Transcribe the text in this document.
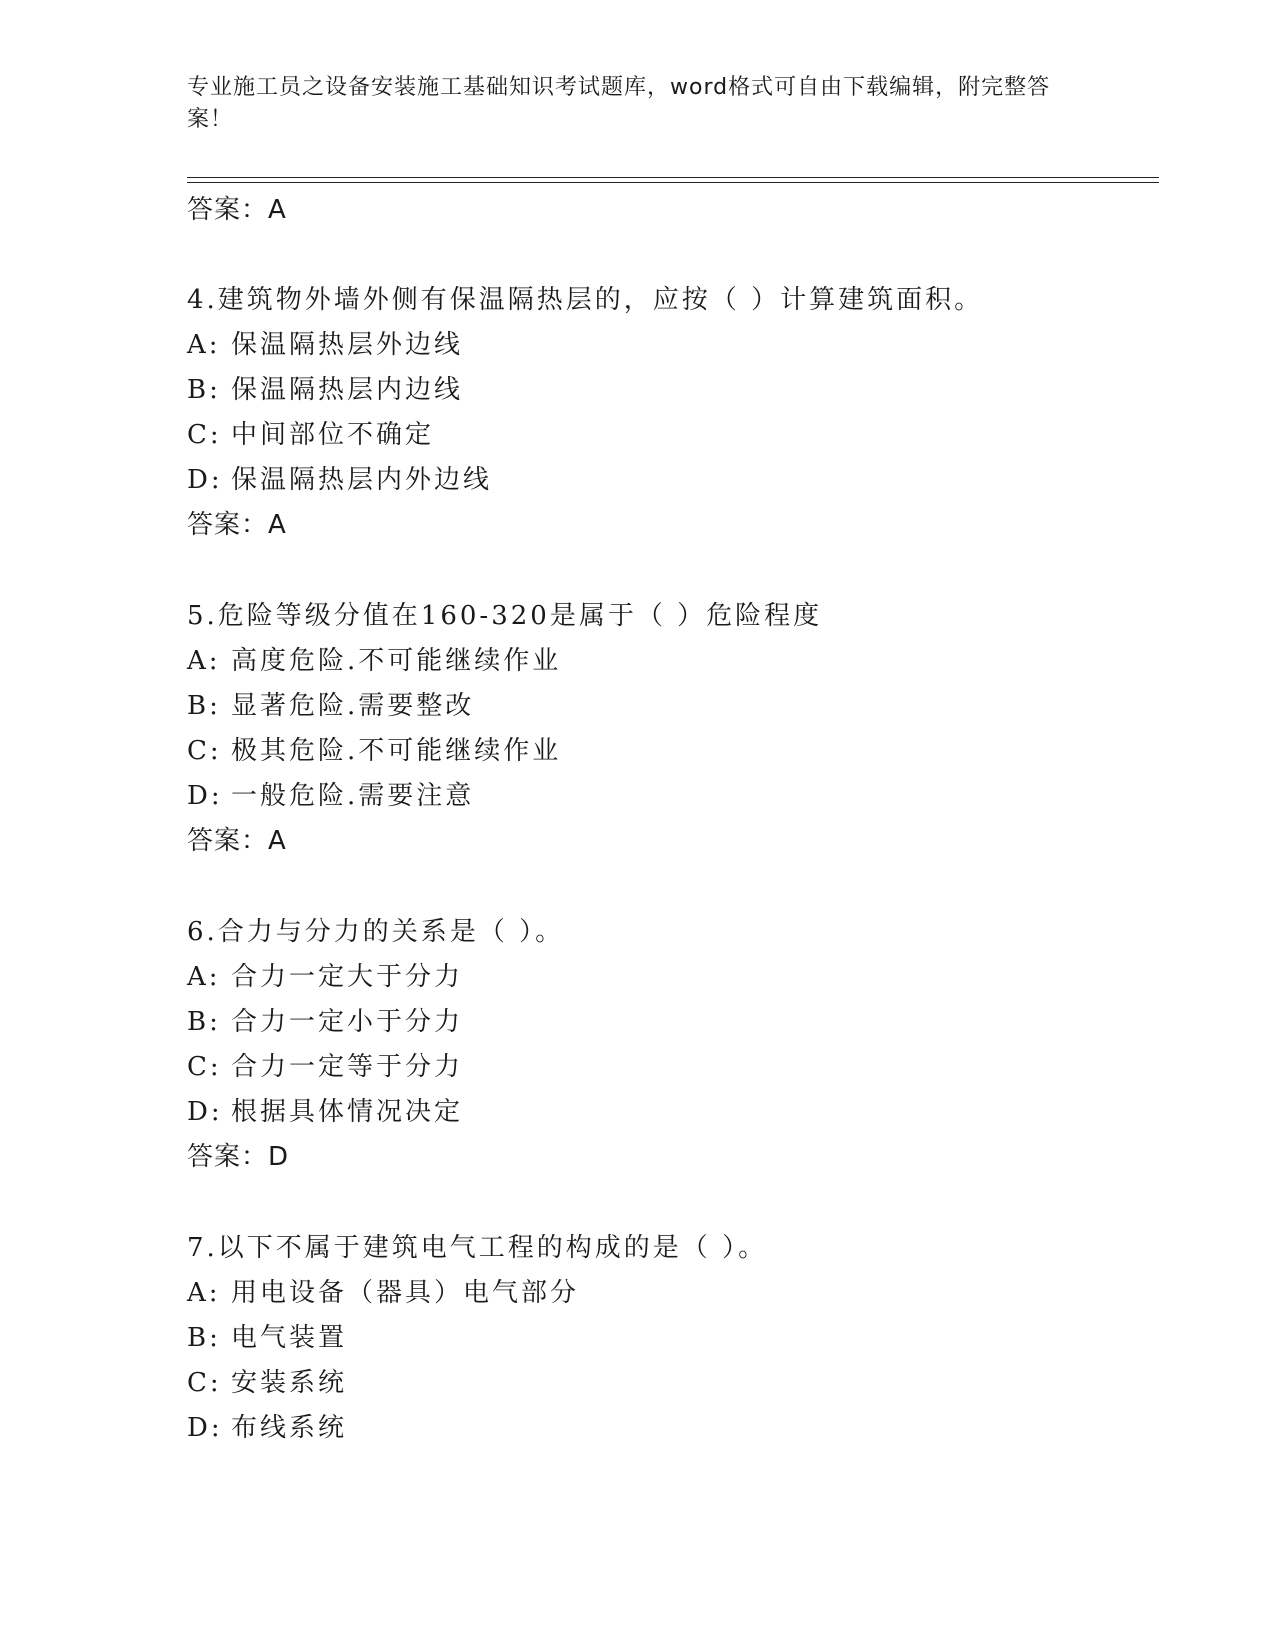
专业施工员之设备安装施工基础知识考试题库，word格式可自由下载编辑，附完整答案！
答案：A
4.建筑物外墙外侧有保温隔热层的，应按（ ）计算建筑面积。
A: 保温隔热层外边线
B: 保温隔热层内边线
C: 中间部位不确定
D: 保温隔热层内外边线
答案：A
5.危险等级分值在160-320是属于（ ）危险程度
A: 高度危险.不可能继续作业
B: 显著危险.需要整改
C: 极其危险.不可能继续作业
D: 一般危险.需要注意
答案：A
6.合力与分力的关系是（ ）。
A: 合力一定大于分力
B: 合力一定小于分力
C: 合力一定等于分力
D: 根据具体情况决定
答案：D
7.以下不属于建筑电气工程的构成的是（ ）。
A: 用电设备（器具）电气部分
B: 电气装置
C: 安装系统
D: 布线系统
